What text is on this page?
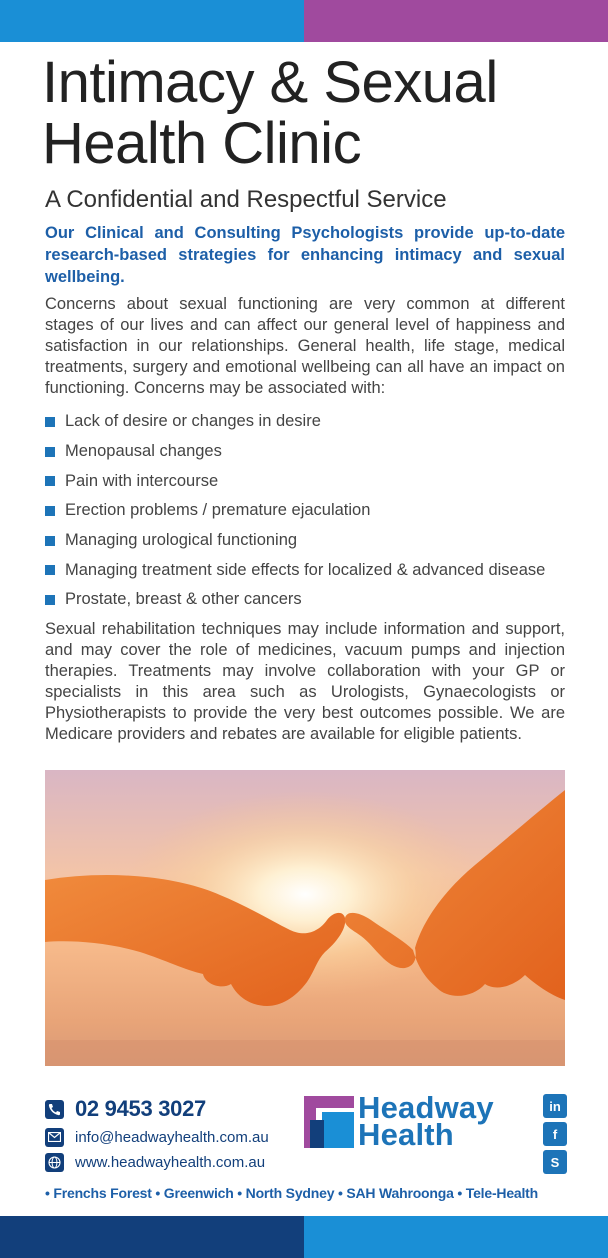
Intimacy & Sexual
Health Clinic
A Confidential and Respectful Service

Our Clinical and Consulting Psychologists provide up-to-date research-based strategies for enhancing intimacy and sexual wellbeing.

Concerns about sexual functioning are very common at different stages of our lives and can affect our general level of happiness and satisfaction in our relationships. General health, life stage, medical treatments, surgery and emotional wellbeing can all have an impact on functioning. Concerns may be associated with:

Lack of desire or changes in desire
Menopausal changes
Pain with intercourse
Erection problems / premature ejaculation
Managing urological functioning
Managing treatment side effects for localized & advanced disease
Prostate, breast & other cancers

Sexual rehabilitation techniques may include information and support, and may cover the role of medicines, vacuum pumps and injection therapies. Treatments may involve collaboration with your GP or specialists in this area such as Urologists, Gynaecologists or Physiotherapists to provide the very best outcomes possible. We are Medicare providers and rebates are available for eligible patients.

02 9453 3027
info@headwayhealth.com.au
www.headwayhealth.com.au
Headway
Health
in
f
S
• Frenchs Forest • Greenwich • North Sydney • SAH Wahroonga • Tele-Health
